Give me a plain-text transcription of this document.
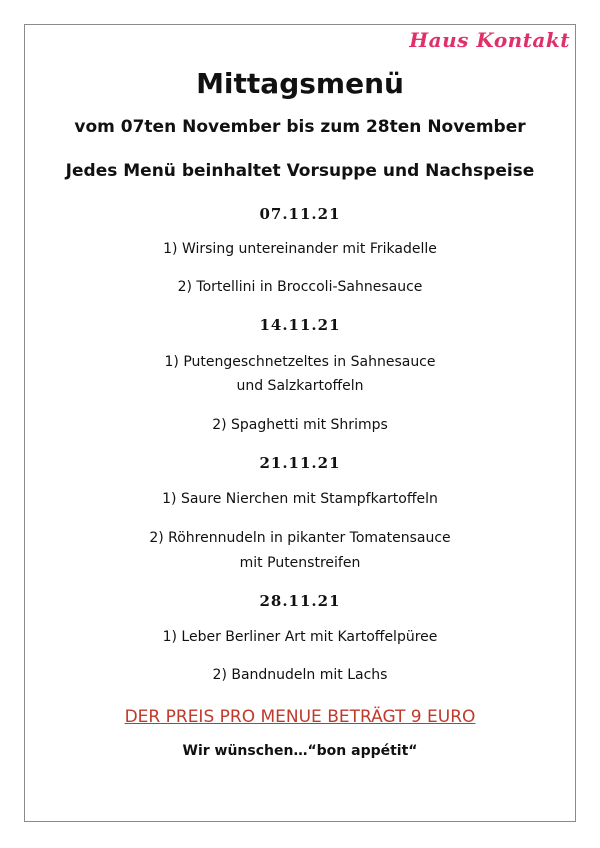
Haus Kontakt
Mittagsmenü
vom 07ten November bis zum 28ten November
Jedes Menü beinhaltet Vorsuppe und Nachspeise
07.11.21
1) Wirsing untereinander mit Frikadelle
2) Tortellini in Broccoli-Sahnesauce
14.11.21
1) Putengeschnetzeltes in Sahnesauce
und Salzkartoffeln
2) Spaghetti mit Shrimps
21.11.21
1) Saure Nierchen mit Stampfkartoffeln
2) Röhrennudeln in pikanter Tomatensauce
mit Putenstreifen
28.11.21
1) Leber Berliner Art mit Kartoffelpüree
2) Bandnudeln mit Lachs
DER PREIS PRO MENUE BETRÄGT 9 EURO
Wir wünschen…“bon appétit“
